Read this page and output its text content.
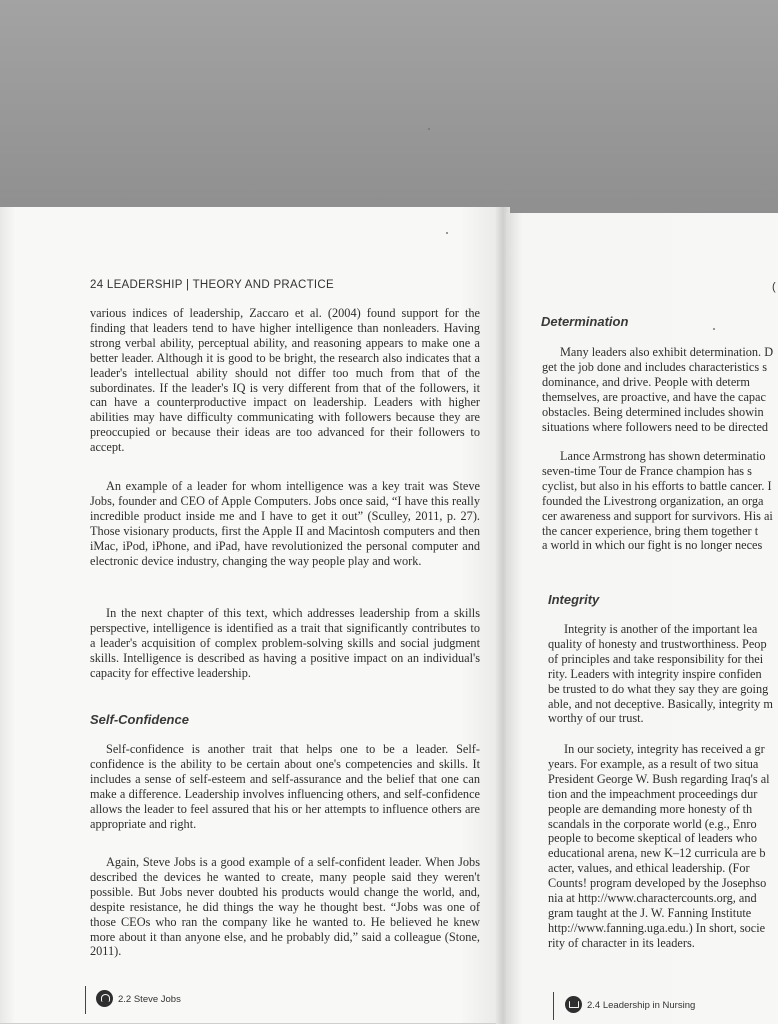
24 LEADERSHIP | THEORY AND PRACTICE

various indices of leadership, Zaccaro et al. (2004) found support for the finding that leaders tend to have higher intelligence than nonleaders. Having strong verbal ability, perceptual ability, and reasoning appears to make one a better leader. Although it is good to be bright, the research also indicates that a leader's intellectual ability should not differ too much from that of the subordinates. If the leader's IQ is very different from that of the followers, it can have a counterproductive impact on leadership. Leaders with higher abilities may have difficulty communicating with followers because they are preoccupied or because their ideas are too advanced for their followers to accept.

An example of a leader for whom intelligence was a key trait was Steve Jobs, founder and CEO of Apple Computers. Jobs once said, “I have this really incredible product inside me and I have to get it out” (Sculley, 2011, p. 27). Those visionary products, first the Apple II and Macintosh computers and then iMac, iPod, iPhone, and iPad, have revolutionized the personal computer and electronic device industry, changing the way people play and work.

In the next chapter of this text, which addresses leadership from a skills perspective, intelligence is identified as a trait that significantly contributes to a leader's acquisition of complex problem-solving skills and social judgment skills. Intelligence is described as having a positive impact on an individual's capacity for effective leadership.

Self-Confidence

Self-confidence is another trait that helps one to be a leader. Self-confidence is the ability to be certain about one's competencies and skills. It includes a sense of self-esteem and self-assurance and the belief that one can make a difference. Leadership involves influencing others, and self-confidence allows the leader to feel assured that his or her attempts to influence others are appropriate and right.

Again, Steve Jobs is a good example of a self-confident leader. When Jobs described the devices he wanted to create, many people said they weren't possible. But Jobs never doubted his products would change the world, and, despite resistance, he did things the way he thought best. “Jobs was one of those CEOs who ran the company like he wanted to. He believed he knew more about it than anyone else, and he probably did,” said a colleague (Stone, 2011).

2.2 Steve Jobs
(
Determination
Many leaders also exhibit determination. D
get the job done and includes characteristics s
dominance, and drive. People with determ
themselves, are proactive, and have the capac
obstacles. Being determined includes showin
situations where followers need to be directed
Lance Armstrong has shown determinatio
seven-time Tour de France champion has s
cyclist, but also in his efforts to battle cancer. I
founded the Livestrong organization, an orga
cer awareness and support for survivors. His ai
the cancer experience, bring them together t
a world in which our fight is no longer neces
Integrity
Integrity is another of the important lea
quality of honesty and trustworthiness. Peop
of principles and take responsibility for thei
rity. Leaders with integrity inspire confiden
be trusted to do what they say they are going
able, and not deceptive. Basically, integrity m
worthy of our trust.
In our society, integrity has received a gr
years. For example, as a result of two situa
President George W. Bush regarding Iraq's al
tion and the impeachment proceedings dur
people are demanding more honesty of th
scandals in the corporate world (e.g., Enro
people to become skeptical of leaders who
educational arena, new K–12 curricula are b
acter, values, and ethical leadership. (For
Counts! program developed by the Josephso
nia at http://www.charactercounts.org, and
gram taught at the J. W. Fanning Institute
http://www.fanning.uga.edu.) In short, socie
rity of character in its leaders.
2.4 Leadership in Nursing
